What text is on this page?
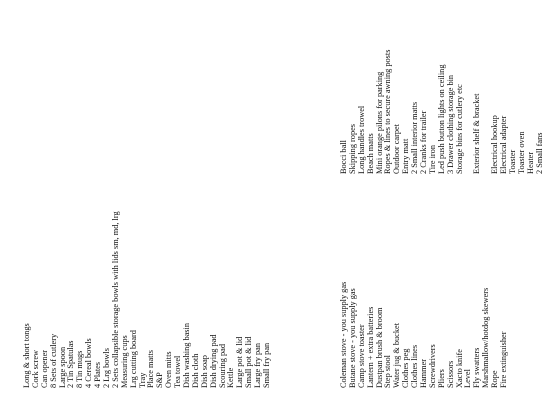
Long & short tongs Cork screw Can opener 8 Sets of cutlery Large spoon 2 Tin Spatulas 8 Tin mugs 4 Cereal bowls 4 Plates 2 Lrg bowls 2 Sets collapsible storage bowls with lids sm, md, lrg Measuring cups Lrg cutting board Tray Place matts S&P Oven mitts Tea towel Dish washing basin Dish cloth Dish soap Dish drying pad Scouring pad Kettle Large pot & lid Small pot & lid Large fry pan Small fry pan	Coleman stove - you supply gas Butane stove - you supply gas Camp stove toaster Lantern + extra batteries Dustpan brush & broom Step stool Water jug & bucket Clothes peg Clothes lines Hammer Screwdrivers Pliers Scissors Xacto knife Level Fly swatters Marshmallow/hotdog skewers Rope Fire extinguisher
Bocci ball Skipping ropes Long handles trowel Beach matts Mini orange pilons for parking Ropes & lines to secure awning posts Outdoor carpet Entry matt 2 Small interior matts 2 Cranks for trailer Tire iron Led push button lights on ceiling 3 Drawer clothing storage bin Storage bins for cutlery etc Exterior shelf & bracket Electrical hookup Electrical adapter Toaster Toaster oven Heater 2 Small fans
